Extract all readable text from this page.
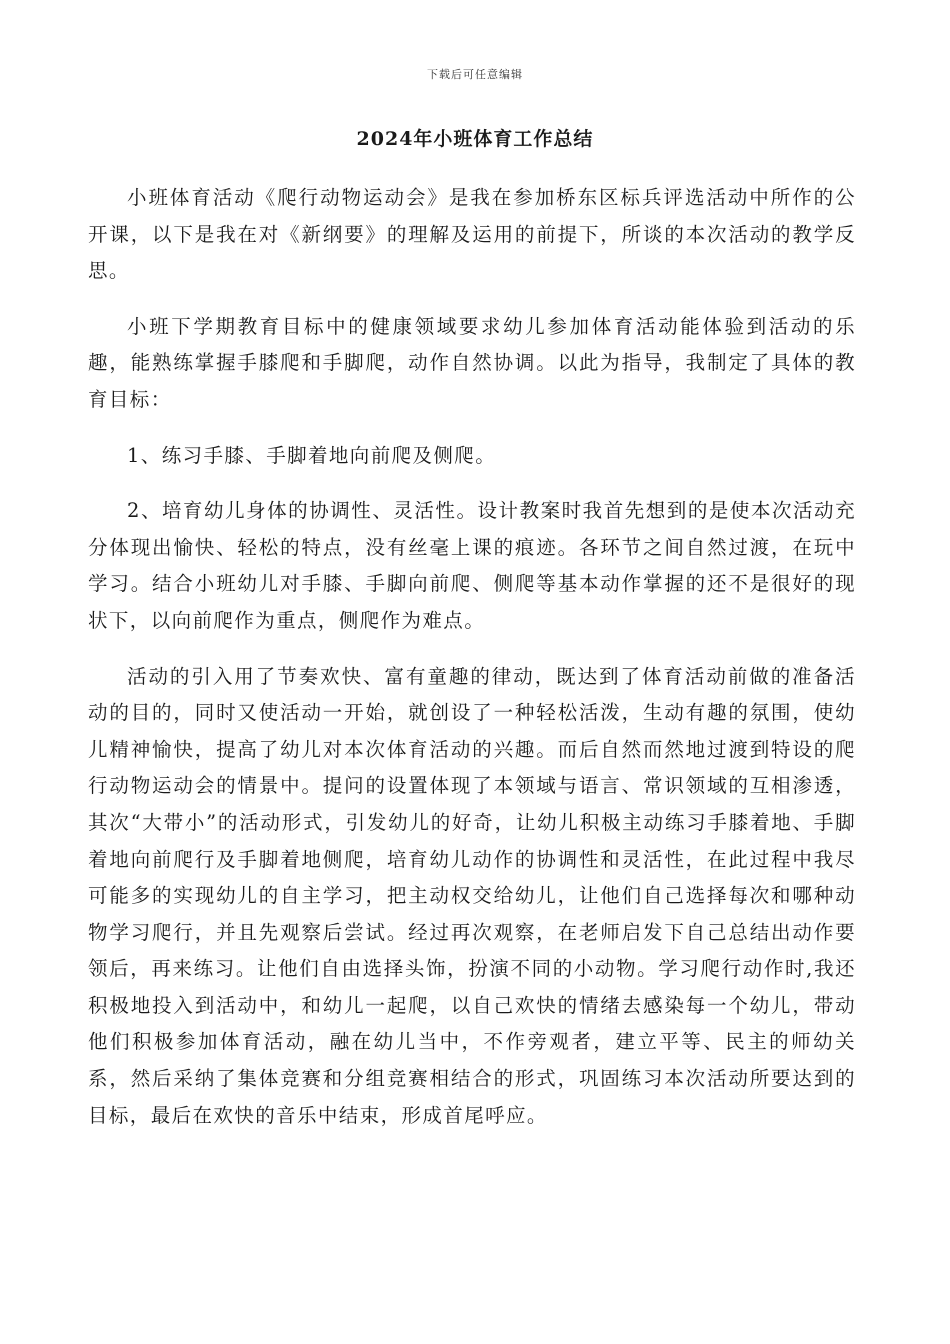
下载后可任意编辑
2024年小班体育工作总结

小班体育活动《爬行动物运动会》是我在参加桥东区标兵评选活动中所作的公开课，以下是我在对《新纲要》的理解及运用的前提下，所谈的本次活动的教学反思。

小班下学期教育目标中的健康领域要求幼儿参加体育活动能体验到活动的乐趣，能熟练掌握手膝爬和手脚爬，动作自然协调。以此为指导，我制定了具体的教育目标：

1、练习手膝、手脚着地向前爬及侧爬。

2、培育幼儿身体的协调性、灵活性。设计教案时我首先想到的是使本次活动充分体现出愉快、轻松的特点，没有丝毫上课的痕迹。各环节之间自然过渡，在玩中学习。结合小班幼儿对手膝、手脚向前爬、侧爬等基本动作掌握的还不是很好的现状下，以向前爬作为重点，侧爬作为难点。

活动的引入用了节奏欢快、富有童趣的律动，既达到了体育活动前做的准备活动的目的，同时又使活动一开始，就创设了一种轻松活泼，生动有趣的氛围，使幼儿精神愉快，提高了幼儿对本次体育活动的兴趣。而后自然而然地过渡到特设的爬行动物运动会的情景中。提问的设置体现了本领域与语言、常识领域的互相渗透，其次“大带小”的活动形式，引发幼儿的好奇，让幼儿积极主动练习手膝着地、手脚着地向前爬行及手脚着地侧爬，培育幼儿动作的协调性和灵活性，在此过程中我尽可能多的实现幼儿的自主学习，把主动权交给幼儿，让他们自己选择每次和哪种动物学习爬行，并且先观察后尝试。经过再次观察，在老师启发下自己总结出动作要领后，再来练习。让他们自由选择头饰，扮演不同的小动物。学习爬行动作时,我还积极地投入到活动中，和幼儿一起爬，以自己欢快的情绪去感染每一个幼儿，带动他们积极参加体育活动，融在幼儿当中，不作旁观者，建立平等、民主的师幼关系，然后采纳了集体竞赛和分组竞赛相结合的形式，巩固练习本次活动所要达到的目标，最后在欢快的音乐中结束，形成首尾呼应。
